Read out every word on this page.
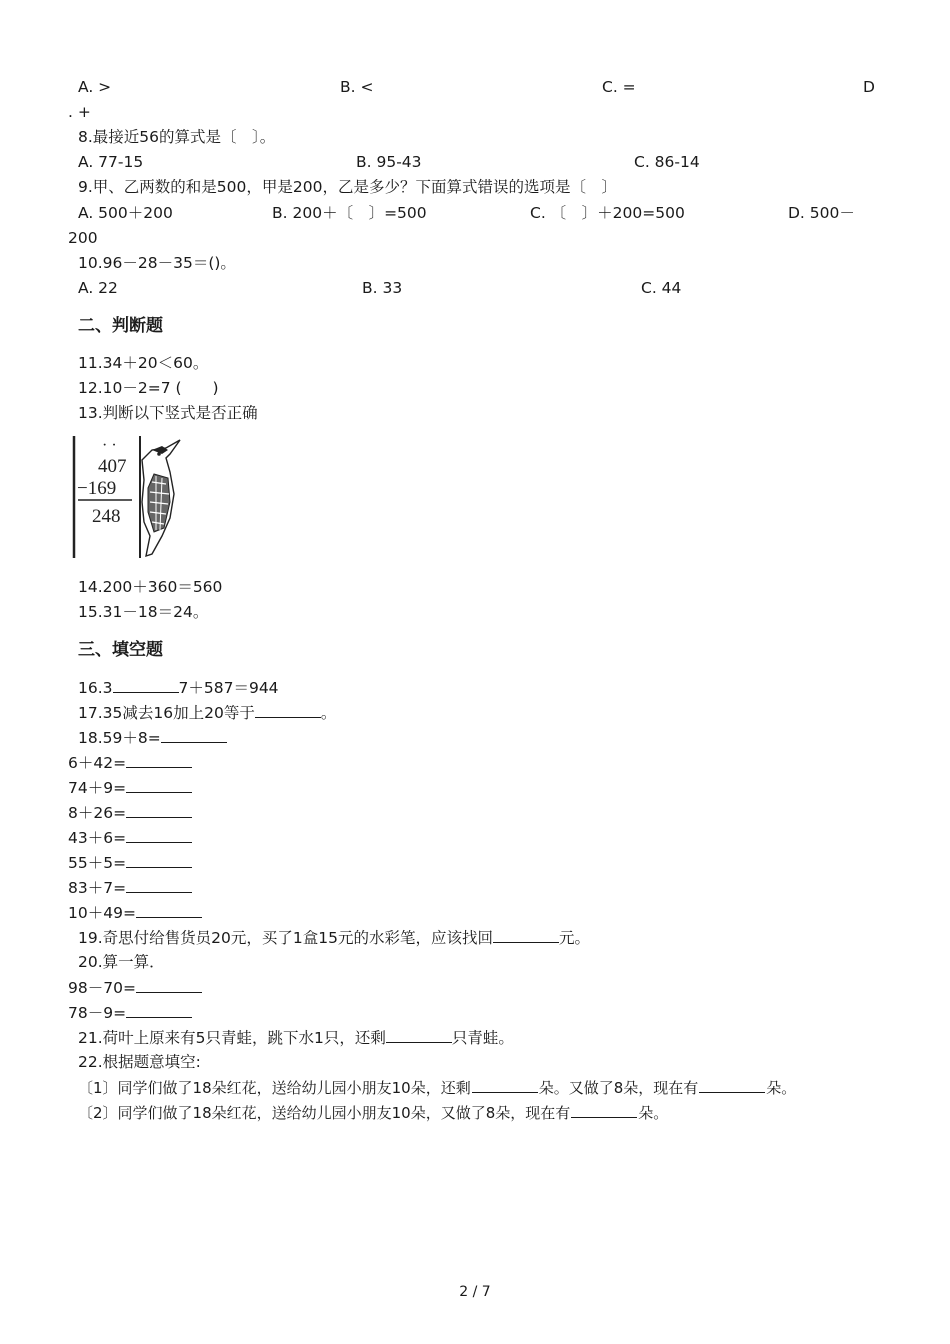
A. >	B. <	C. =	D
. +
8.最接近56的算式是〔　〕。
A. 77-15	B. 95-43	C. 86-14
9.甲、乙两数的和是500，甲是200，乙是多少？下面算式错误的选项是〔　〕
A. 500＋200	B. 200＋〔　〕=500	C. 〔　〕＋200=500	D. 500－
200
10.96－28－35＝()。
A. 22	B. 33	C. 44
二、判断题
11.34＋20＜60。
12.10－2=7 (　　)
13.判断以下竖式是否正确
· ·
407
−169
248
14.200＋360＝560
15.31－18＝24。
三、填空题
16.3	7＋587＝944
17.35减去16加上20等于	。
18.59＋8=
6＋42=
74＋9=
8＋26=
43＋6=
55＋5=
83＋7=
10＋49=
19.奇思付给售货员20元，买了1盒15元的水彩笔，应该找回	元。
20.算一算．
98－70=
78－9=
21.荷叶上原来有5只青蛙，跳下水1只，还剩	只青蛙。
22.根据题意填空:
〔1〕同学们做了18朵红花，送给幼儿园小朋友10朵，还剩	朵。又做了8朵，现在有	朵。
〔2〕同学们做了18朵红花，送给幼儿园小朋友10朵，又做了8朵，现在有	朵。
2 / 7
